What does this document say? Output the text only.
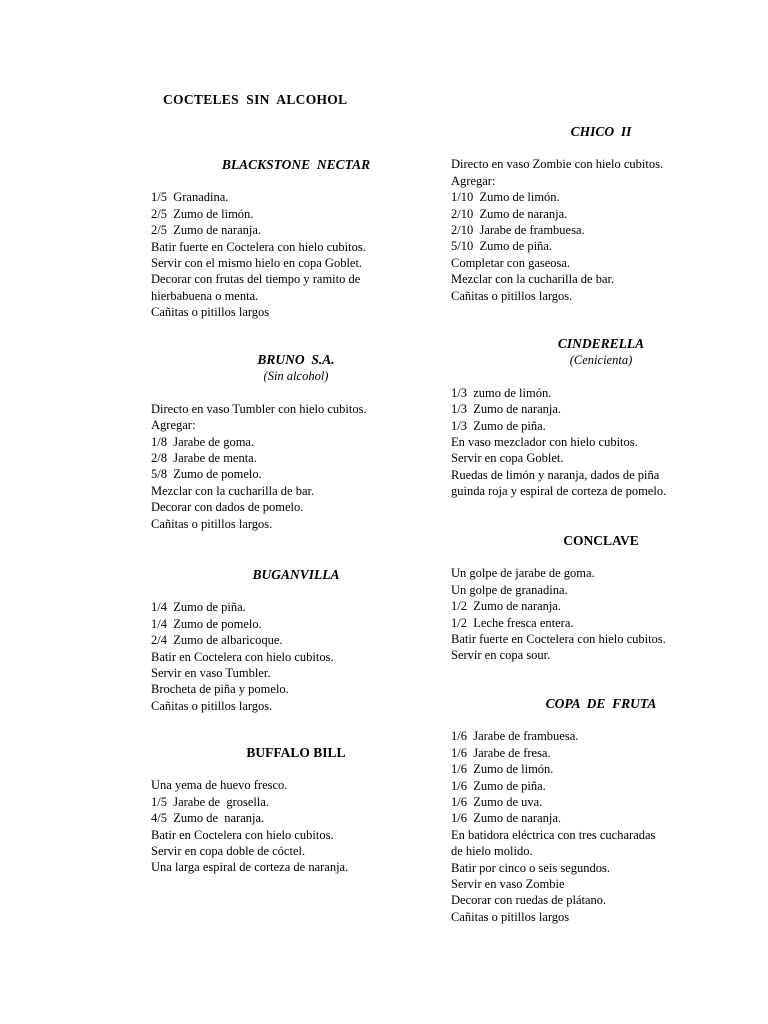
COCTELES  SIN  ALCOHOL
BLACKSTONE  NECTAR
1/5  Granadina.
2/5  Zumo de limón.
2/5  Zumo de naranja.
Batir fuerte en Coctelera con hielo cubitos.
Servir con el mismo hielo en copa Goblet.
Decorar con frutas del tiempo y ramito de
hierbabuena o menta.
Cañitas o pitillos largos
BRUNO  S.A.
(Sin alcohol)
Directo en vaso Tumbler con hielo cubitos.
Agregar:
1/8  Jarabe de goma.
2/8  Jarabe de menta.
5/8  Zumo de pomelo.
Mezclar con la cucharilla de bar.
Decorar con dados de pomelo.
Cañitas o pitillos largos.
BUGANVILLA
1/4  Zumo de piña.
1/4  Zumo de pomelo.
2/4  Zumo de albaricoque.
Batir en Coctelera con hielo cubitos.
Servir en vaso Tumbler.
Brocheta de piña y pomelo.
Cañitas o pitillos largos.
BUFFALO BILL
Una yema de huevo fresco.
1/5  Jarabe de  grosella.
4/5  Zumo de  naranja.
Batir en Coctelera con hielo cubitos.
Servir en copa doble de cóctel.
Una larga espiral de corteza de naranja.
CHICO  II
Directo en vaso Zombie con hielo cubitos.
Agregar:
1/10  Zumo de limón.
2/10  Zumo de naranja.
2/10  Jarabe de frambuesa.
5/10  Zumo de piña.
Completar con gaseosa.
Mezclar con la cucharilla de bar.
Cañitas o pitillos largos.
CINDERELLA
(Cenicienta)
1/3  zumo de limón.
1/3  Zumo de naranja.
1/3  Zumo de piña.
En vaso mezclador con hielo cubitos.
Servir en copa Goblet.
Ruedas de limón y naranja, dados de piña
guinda roja y espiral de corteza de pomelo.
CONCLAVE
Un golpe de jarabe de goma.
Un golpe de granadina.
1/2  Zumo de naranja.
1/2  Leche fresca entera.
Batir fuerte en Coctelera con hielo cubitos.
Servir en copa sour.
COPA  DE  FRUTA
1/6  Jarabe de frambuesa.
1/6  Jarabe de fresa.
1/6  Zumo de limón.
1/6  Zumo de piña.
1/6  Zumo de uva.
1/6  Zumo de naranja.
En batidora eléctrica con tres cucharadas
de hielo molido.
Batir por cinco o seis segundos.
Servir en vaso Zombie
Decorar con ruedas de plátano.
Cañitas o pitillos largos
